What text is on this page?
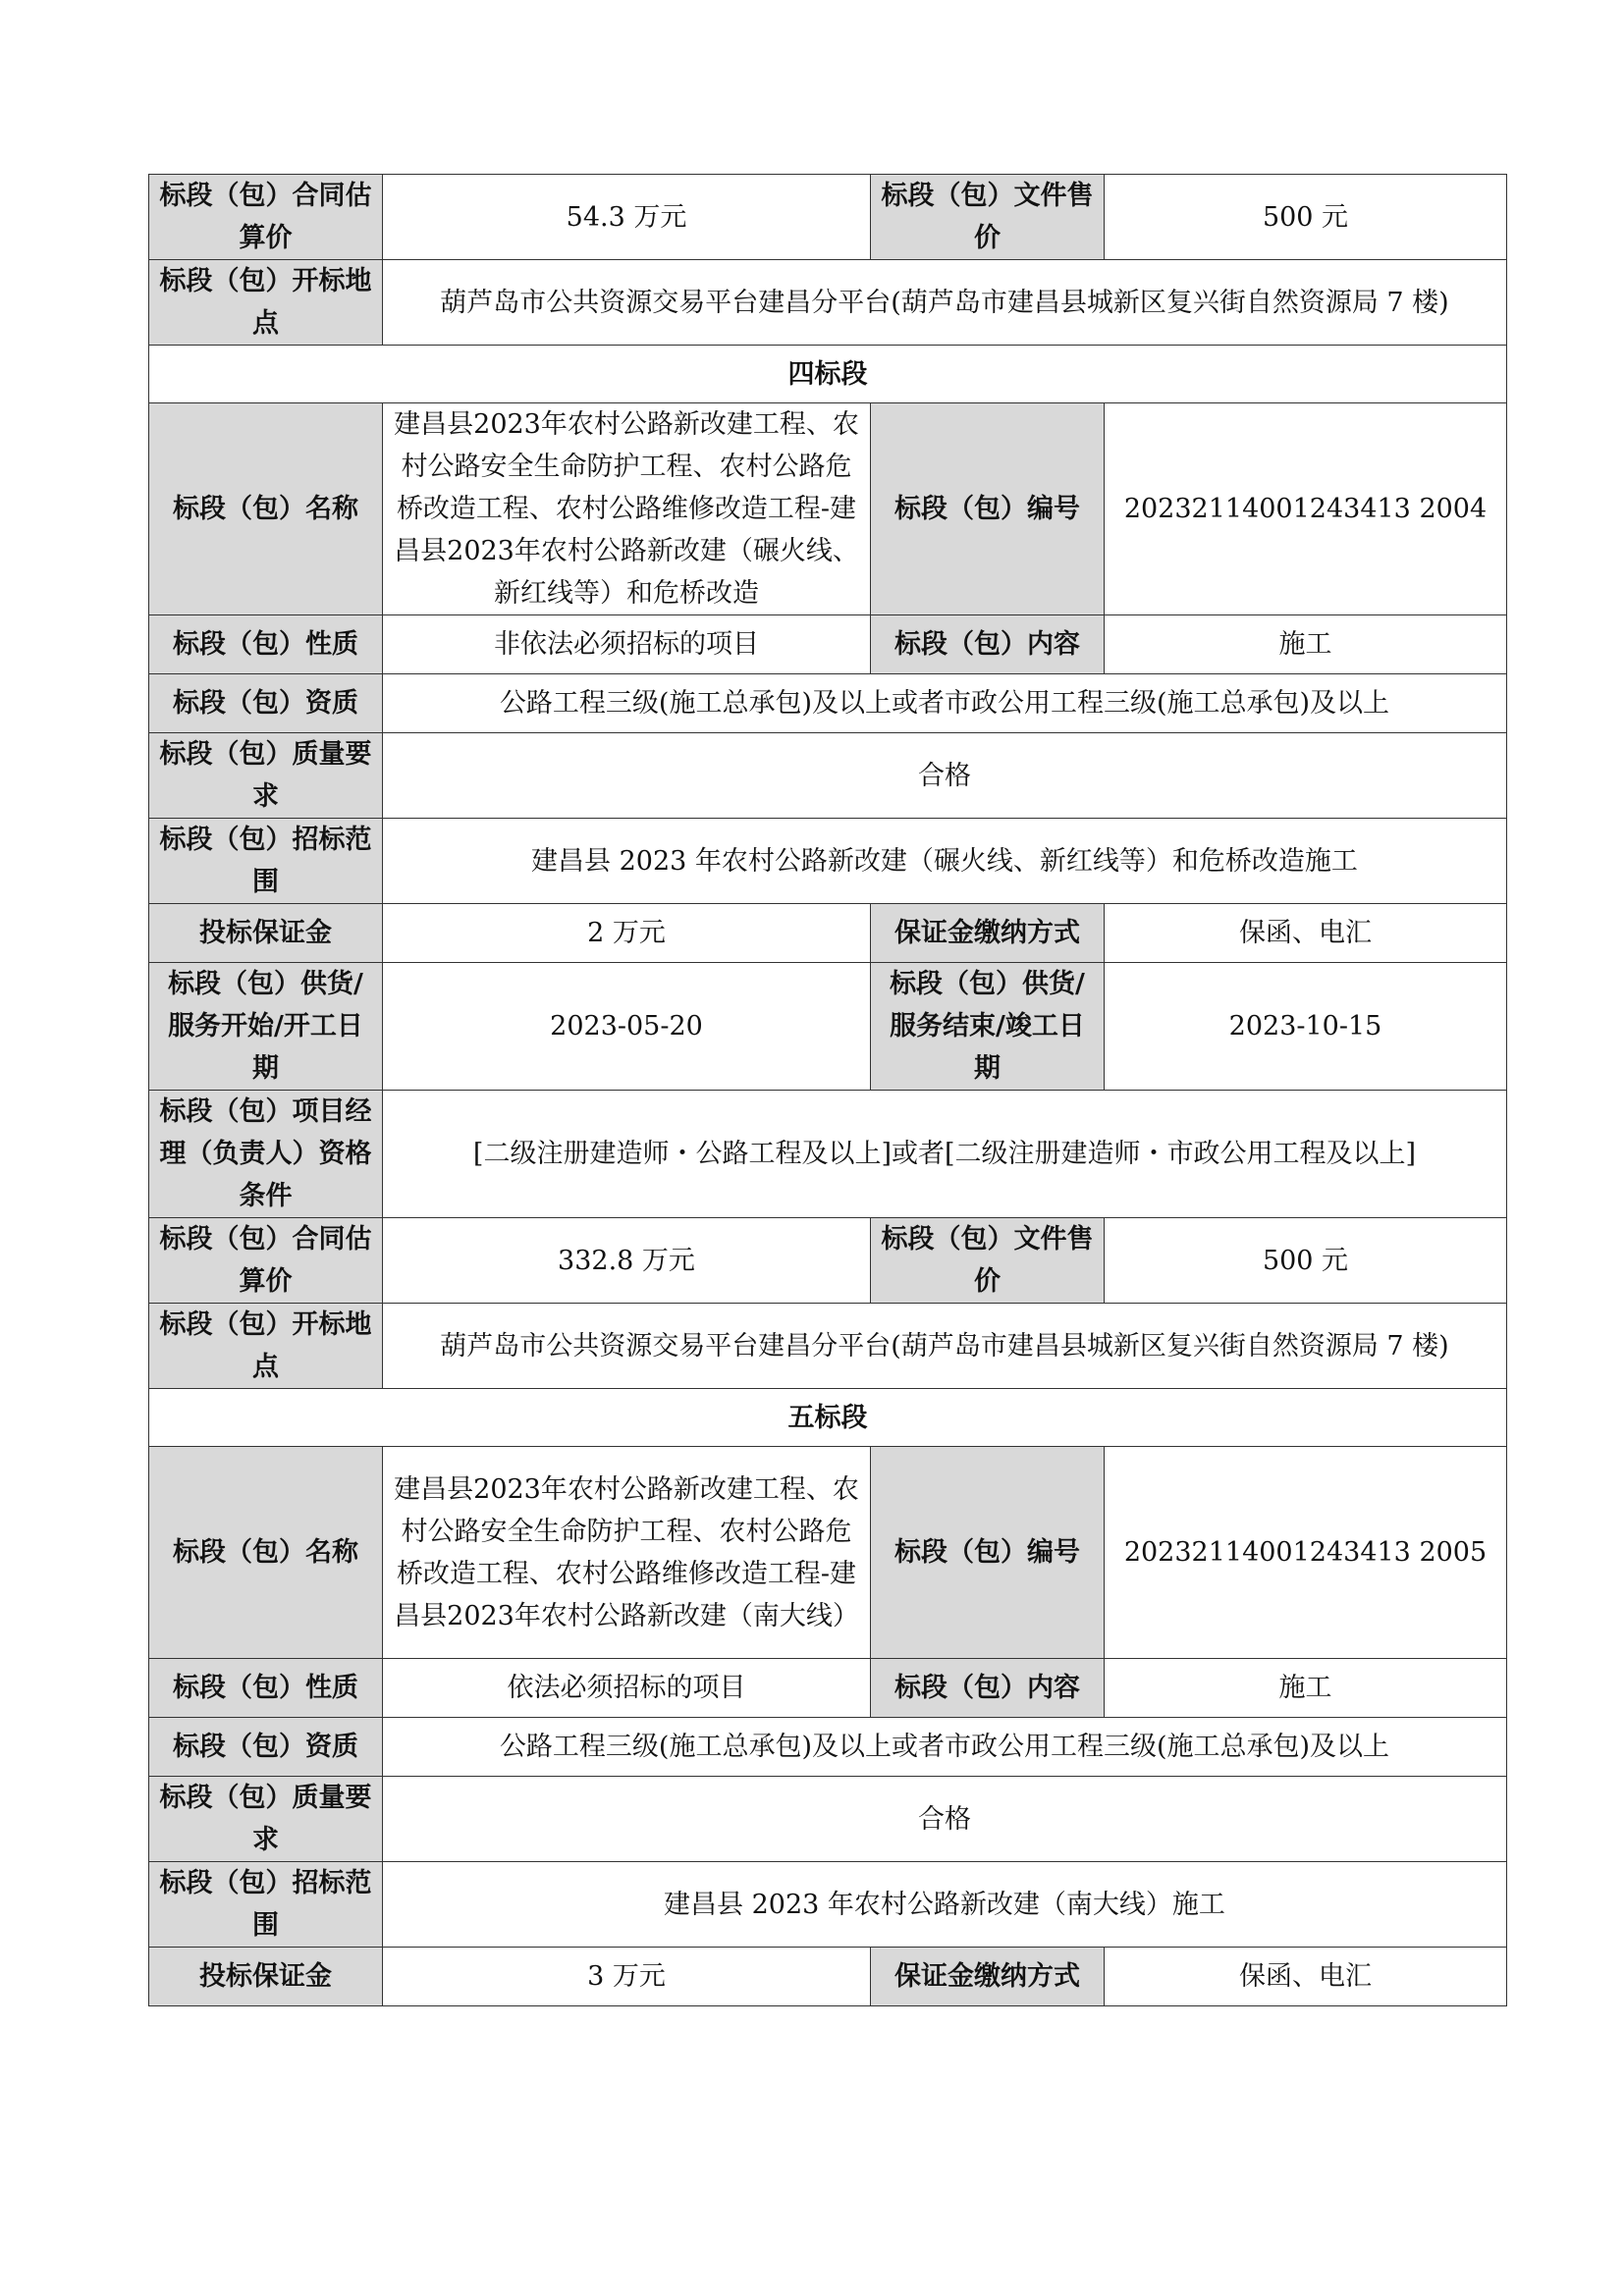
标段（包）合同估算价	54.3 万元	标段（包）文件售价	500 元
标段（包）开标地点	葫芦岛市公共资源交易平台建昌分平台(葫芦岛市建昌县城新区复兴街自然资源局 7 楼)		
四标段			
标段（包）名称	建昌县2023年农村公路新改建工程、农村公路安全生命防护工程、农村公路危桥改造工程、农村公路维修改造工程-建昌县2023年农村公路新改建（碾火线、新红线等）和危桥改造	标段（包）编号	20232114001243413 2004
标段（包）性质	非依法必须招标的项目	标段（包）内容	施工
标段（包）资质	公路工程三级(施工总承包)及以上或者市政公用工程三级(施工总承包)及以上		
标段（包）质量要求	合格		
标段（包）招标范围	建昌县 2023 年农村公路新改建（碾火线、新红线等）和危桥改造施工		
投标保证金	2 万元	保证金缴纳方式	保函、电汇
标段（包）供货/服务开始/开工日期	2023-05-20	标段（包）供货/服务结束/竣工日期	2023-10-15
标段（包）项目经理（负责人）资格条件	[二级注册建造师・公路工程及以上]或者[二级注册建造师・市政公用工程及以上]		
标段（包）合同估算价	332.8 万元	标段（包）文件售价	500 元
标段（包）开标地点	葫芦岛市公共资源交易平台建昌分平台(葫芦岛市建昌县城新区复兴街自然资源局 7 楼)		
五标段			
标段（包）名称	建昌县2023年农村公路新改建工程、农村公路安全生命防护工程、农村公路危桥改造工程、农村公路维修改造工程-建昌县2023年农村公路新改建（南大线）	标段（包）编号	20232114001243413 2005
标段（包）性质	依法必须招标的项目	标段（包）内容	施工
标段（包）资质	公路工程三级(施工总承包)及以上或者市政公用工程三级(施工总承包)及以上		
标段（包）质量要求	合格		
标段（包）招标范围	建昌县 2023 年农村公路新改建（南大线）施工		
投标保证金	3 万元	保证金缴纳方式	保函、电汇
